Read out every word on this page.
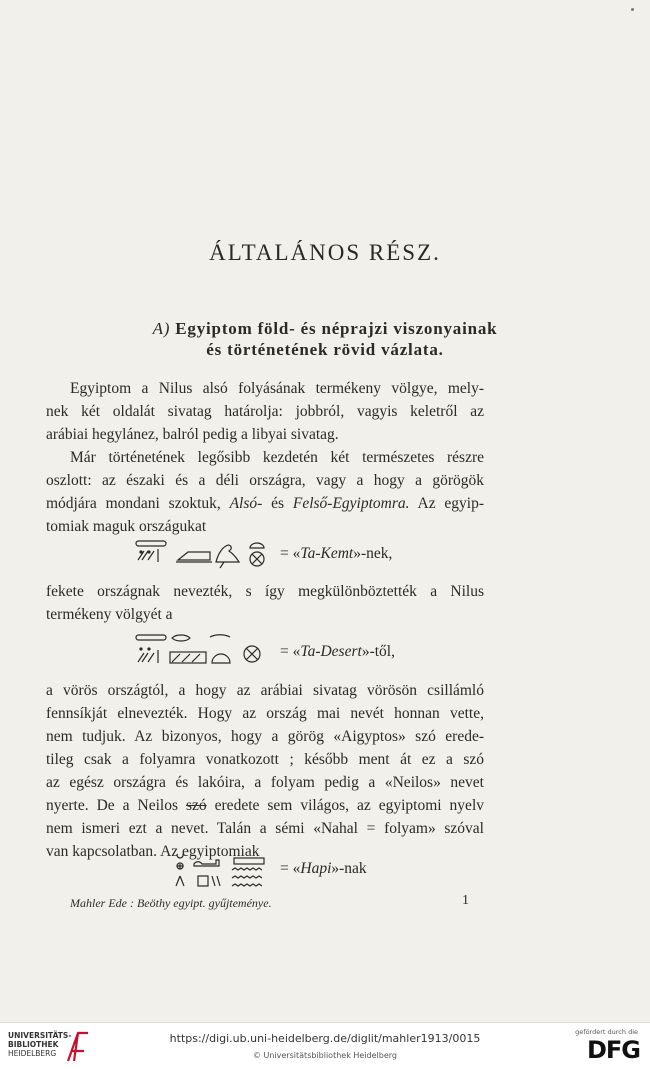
ÁLTALÁNOS RÉSZ.
A) Egyiptom föld- és néprajzi viszonyainak
és történetének rövid vázlata.
Egyiptom a Nilus alsó folyásának termékeny völgye, mely-
nek két oldalát sivatag határolja: jobbról, vagyis keletről az
arábiai hegylánez, balról pedig a libyai sivatag.
Már történetének legősibb kezdetén két természetes részre
oszlott: az északi és a déli országra, vagy a hogy a görögök
módjára mondani szoktuk, Alsó- és Felső-Egyiptomra. Az egyip-
tomiak maguk országukat
= «Ta-Kemt»-nek,
fekete országnak nevezték, s így megkülönböztették a Nilus
termékeny völgyét a
= «Ta-Desert»-től,
a vörös országtól, a hogy az arábiai sivatag vörösön csillámló
fennsíkját elnevezték. Hogy az ország mai nevét honnan vette,
nem tudjuk. Az bizonyos, hogy a görög «Aigyptos» szó erede-
tileg csak a folyamra vonatkozott ; később ment át ez a szó
az egész országra és lakóira, a folyam pedig a «Neilos» nevet
nyerte. De a Neilos szó eredete sem világos, az egyiptomi nyelv
nem ismeri ezt a nevet. Talán a sémi «Nahal = folyam» szóval
van kapcsolatban. Az egyiptomiak
= «Hapi»-nak
Mahler Ede : Beöthy egyipt. gyűjteménye.	1
UNIVERSITÄTS-
BIBLIOTHEK
HEIDELBERG
https://digi.ub.uni-heidelberg.de/diglit/mahler1913/0015
© Universitätsbibliothek Heidelberg
gefördert durch die
DFG
